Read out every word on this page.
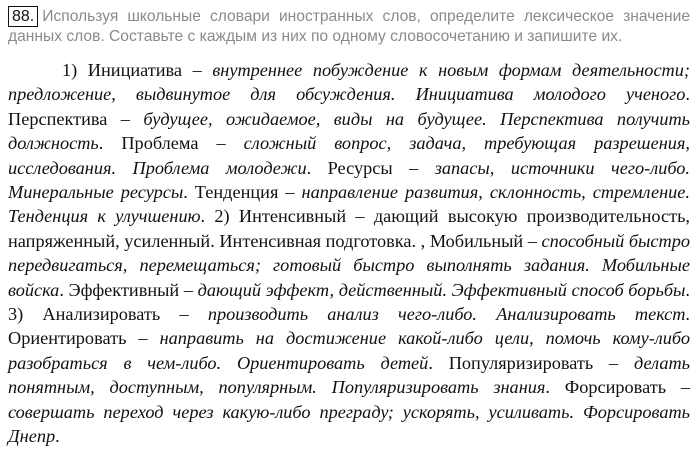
88. Используя школьные словари иностранных слов, определите лексическое значение данных слов. Составьте с каждым из них по одному словосочетанию и запишите их.

1) Инициатива – внутреннее побуждение к новым формам деятельности; предложение, выдвинутое для обсуждения. Инициатива молодого ученого. Перспектива – будущее, ожидаемое, виды на будущее. Перспектива получить должность. Проблема – сложный вопрос, задача, требующая разрешения, исследования. Проблема молодежи. Ресурсы – запасы, источники чего-либо. Минеральные ресурсы. Тенденция – направление развития, склонность, стремление. Тенденция к улучшению. 2) Интенсивный – дающий высокую производительность, напряженный, усиленный. Интенсивная подготовка. , Мобильный – способный быстро передвигаться, перемещаться; готовый быстро выполнять задания. Мобильные войска. Эффективный – дающий эффект, действенный. Эффективный способ борьбы. 3) Анализировать – производить анализ чего-либо. Анализировать текст. Ориентировать – направить на достижение какой-либо цели, помочь кому-либо разобраться в чем-либо. Ориентировать детей. Популяризировать – делать понятным, доступным, популярным. Популяризировать знания. Форсировать – совершать переход через какую-либо преграду; ускорять, усиливать. Форсировать Днепр.
